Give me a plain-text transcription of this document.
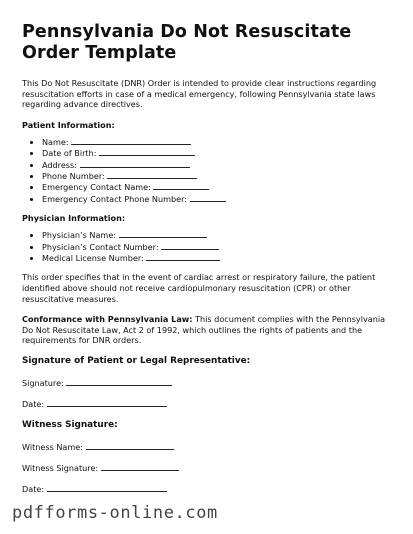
Pennsylvania Do Not Resuscitate Order Template
This Do Not Resuscitate (DNR) Order is intended to provide clear instructions regarding resuscitation efforts in case of a medical emergency, following Pennsylvania state laws regarding advance directives.
Patient Information:
• Name:
• Date of Birth:
• Address:
• Phone Number:
• Emergency Contact Name:
• Emergency Contact Phone Number:
Physician Information:
• Physician’s Name:
• Physician’s Contact Number:
• Medical License Number:
This order specifies that in the event of cardiac arrest or respiratory failure, the patient identified above should not receive cardiopulmonary resuscitation (CPR) or other resuscitative measures.
Conformance with Pennsylvania Law: This document complies with the Pennsylvania Do Not Resuscitate Law, Act 2 of 1992, which outlines the rights of patients and the requirements for DNR orders.
Signature of Patient or Legal Representative:
Signature:
Date:
Witness Signature:
Witness Name:
Witness Signature:
Date:
pdfforms-online.com
